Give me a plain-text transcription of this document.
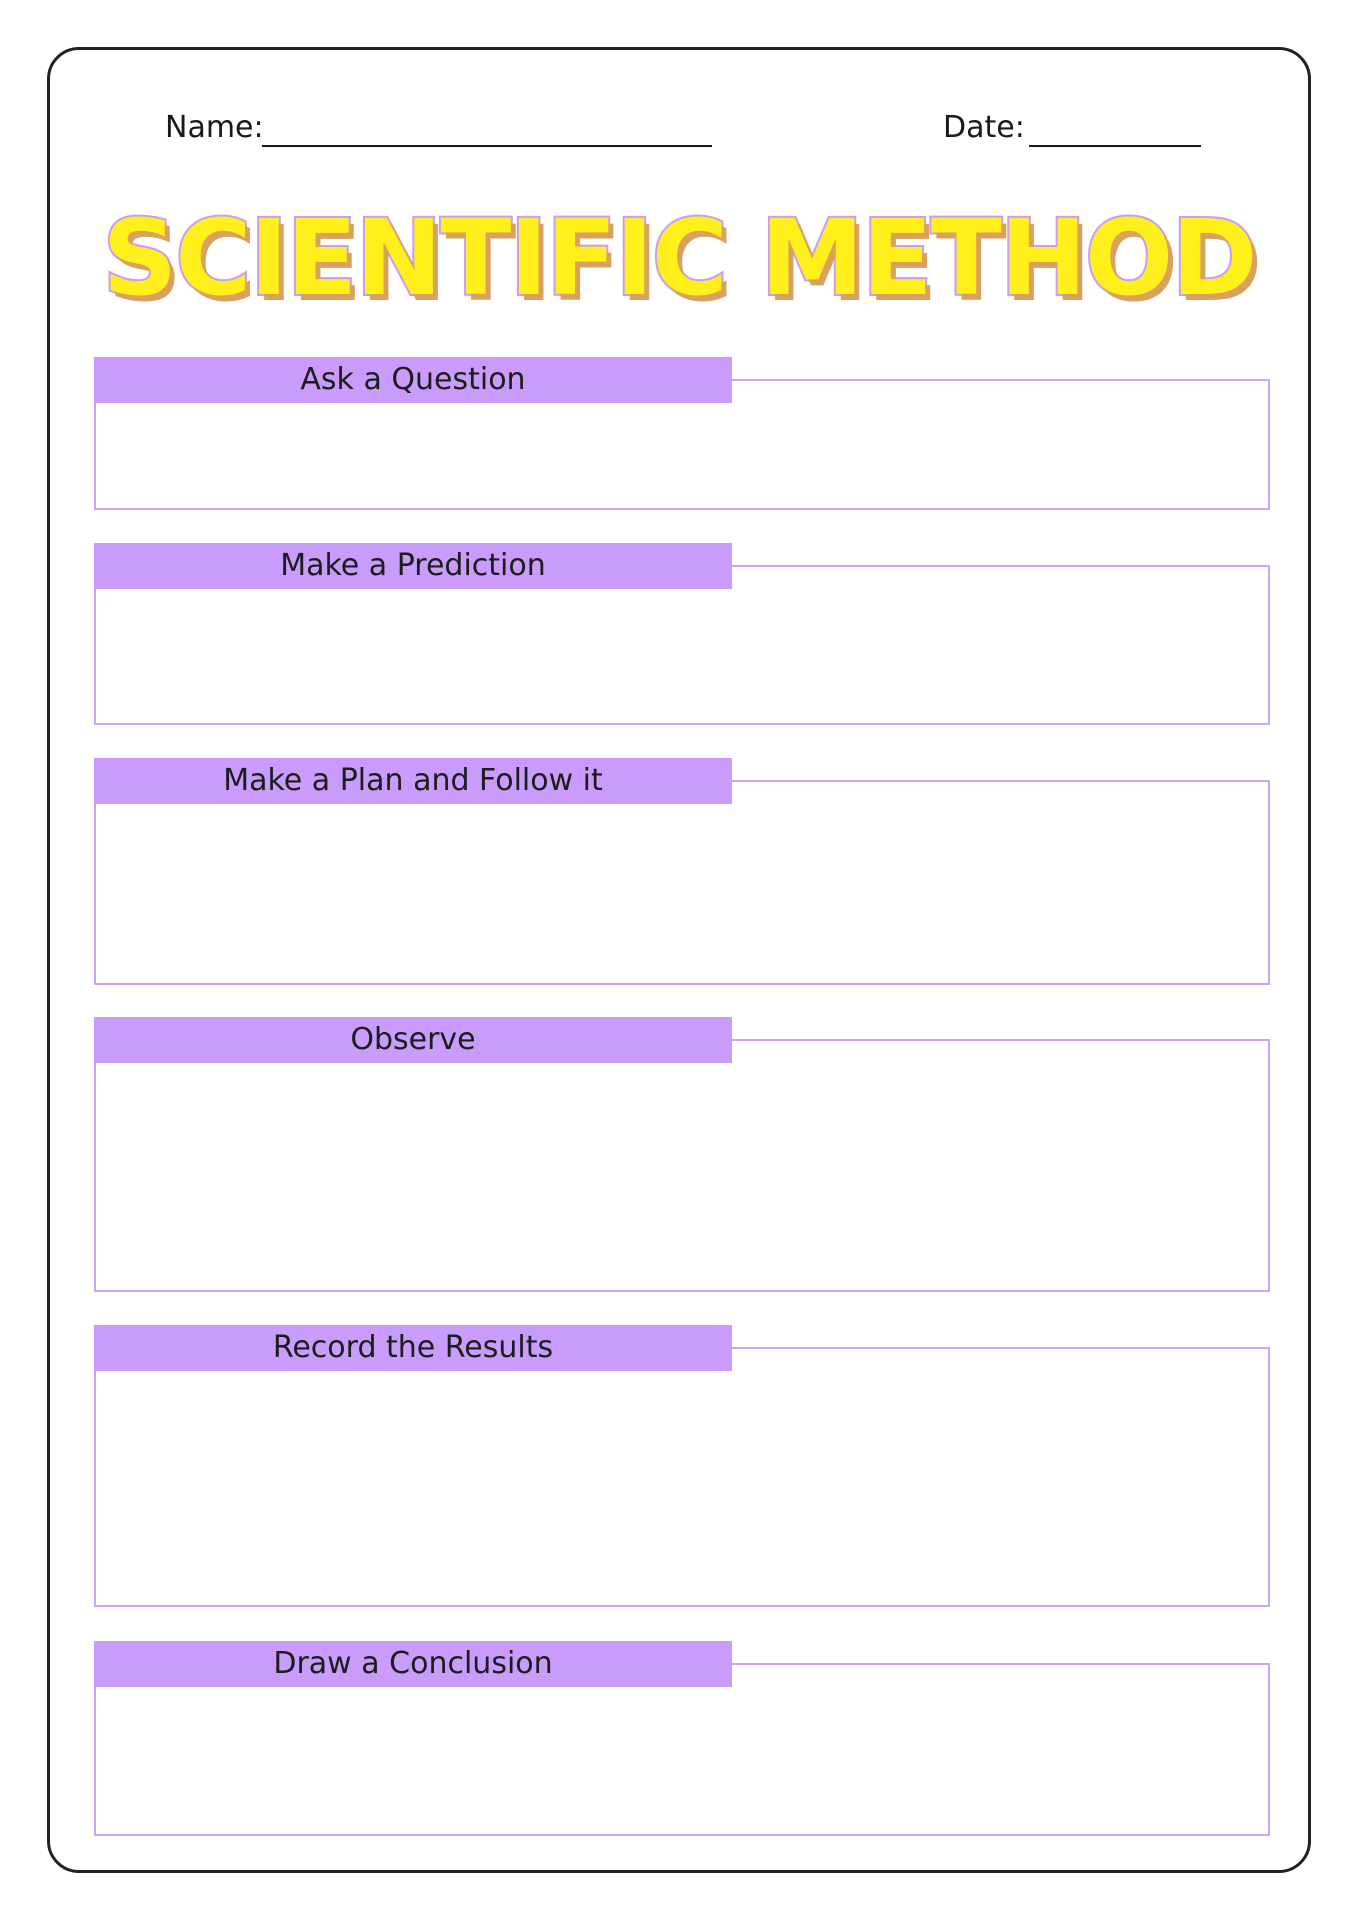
Name:	Date:
SCIENTIFIC METHOD
Ask a Question
Make a Prediction
Make a Plan and Follow it
Observe
Record the Results
Draw a Conclusion
